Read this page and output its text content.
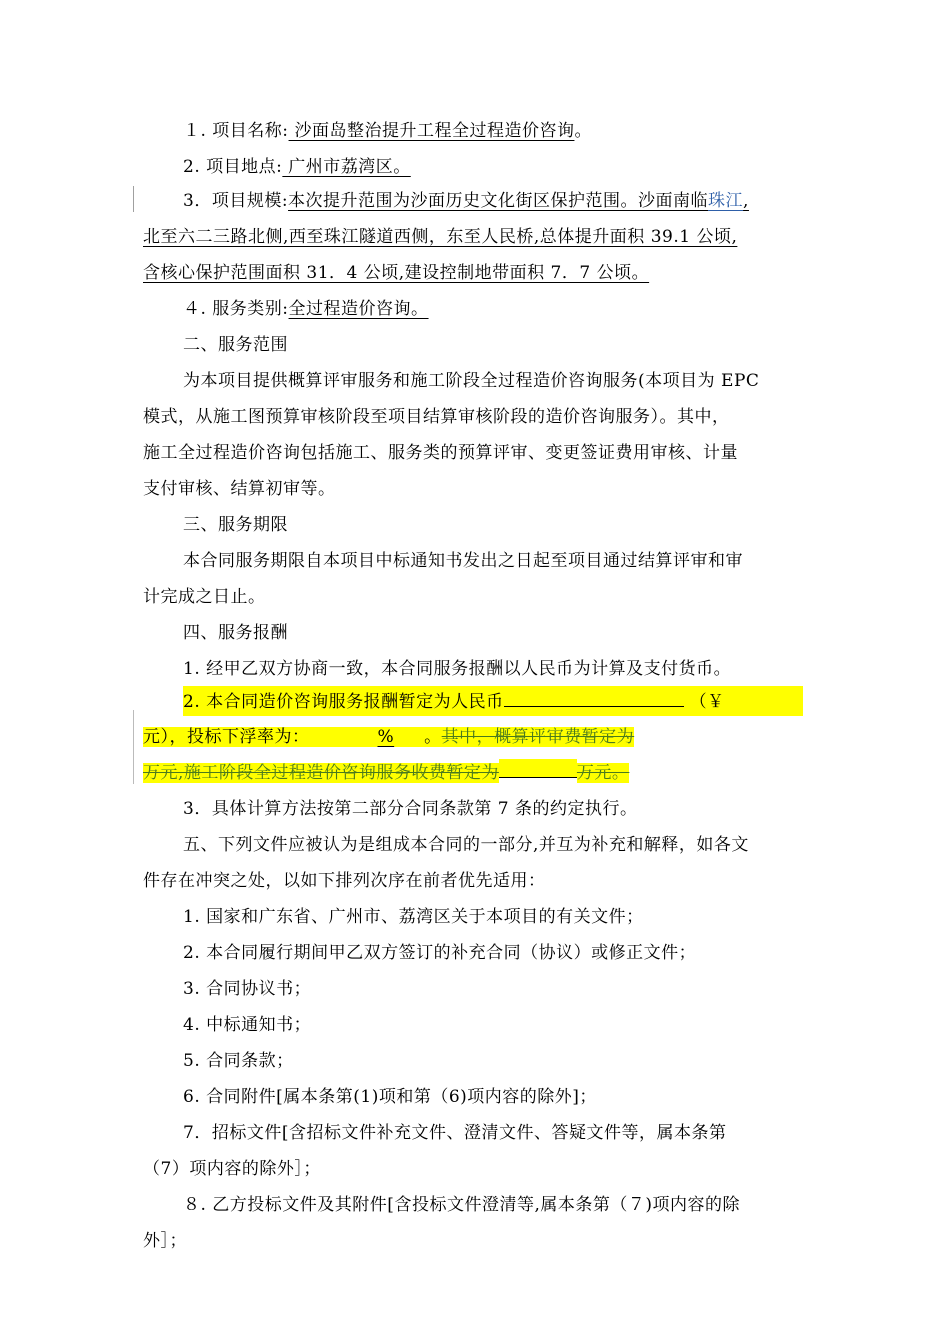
１. 项目名称: 沙面岛整治提升工程全过程造价咨询。
2. 项目地点: 广州市荔湾区。
3．项目规模:本次提升范围为沙面历史文化街区保护范围。沙面南临珠江,
北至六二三路北侧,西至珠江隧道西侧，东至人民桥,总体提升面积 39.1 公顷,
含核心保护范围面积 31．4 公顷,建设控制地带面积 7．7 公顷。
４. 服务类别:全过程造价咨询。
二、服务范围
为本项目提供概算评审服务和施工阶段全过程造价咨询服务(本项目为 EPC
模式，从施工图预算审核阶段至项目结算审核阶段的造价咨询服务）。其中，
施工全过程造价咨询包括施工、服务类的预算评审、变更签证费用审核、计量
支付审核、结算初审等。
三、服务期限
本合同服务期限自本项目中标通知书发出之日起至项目通过结算评审和审
计完成之日止。
四、服务报酬
1. 经甲乙双方协商一致，本合同服务报酬以人民币为计算及支付货币。
2. 本合同造价咨询服务报酬暂定为人民币	（￥
元），投标下浮率为：	% 。其中，概算评审费暂定为
万元,施工阶段全过程造价咨询服务收费暂定为	万元。
3．具体计算方法按第二部分合同条款第 7 条的约定执行。
五、下列文件应被认为是组成本合同的一部分,并互为补充和解释，如各文
件存在冲突之处，以如下排列次序在前者优先适用：
1. 国家和广东省、广州市、荔湾区关于本项目的有关文件；
2. 本合同履行期间甲乙双方签订的补充合同（协议）或修正文件；
3. 合同协议书；
4. 中标通知书；
5. 合同条款；
6. 合同附件[属本条第(1)项和第（6)项内容的除外]；
7．招标文件[含招标文件补充文件、澄清文件、答疑文件等，属本条第
（7）项内容的除外］；
８. 乙方投标文件及其附件[含投标文件澄清等,属本条第（７)项内容的除
外］；
